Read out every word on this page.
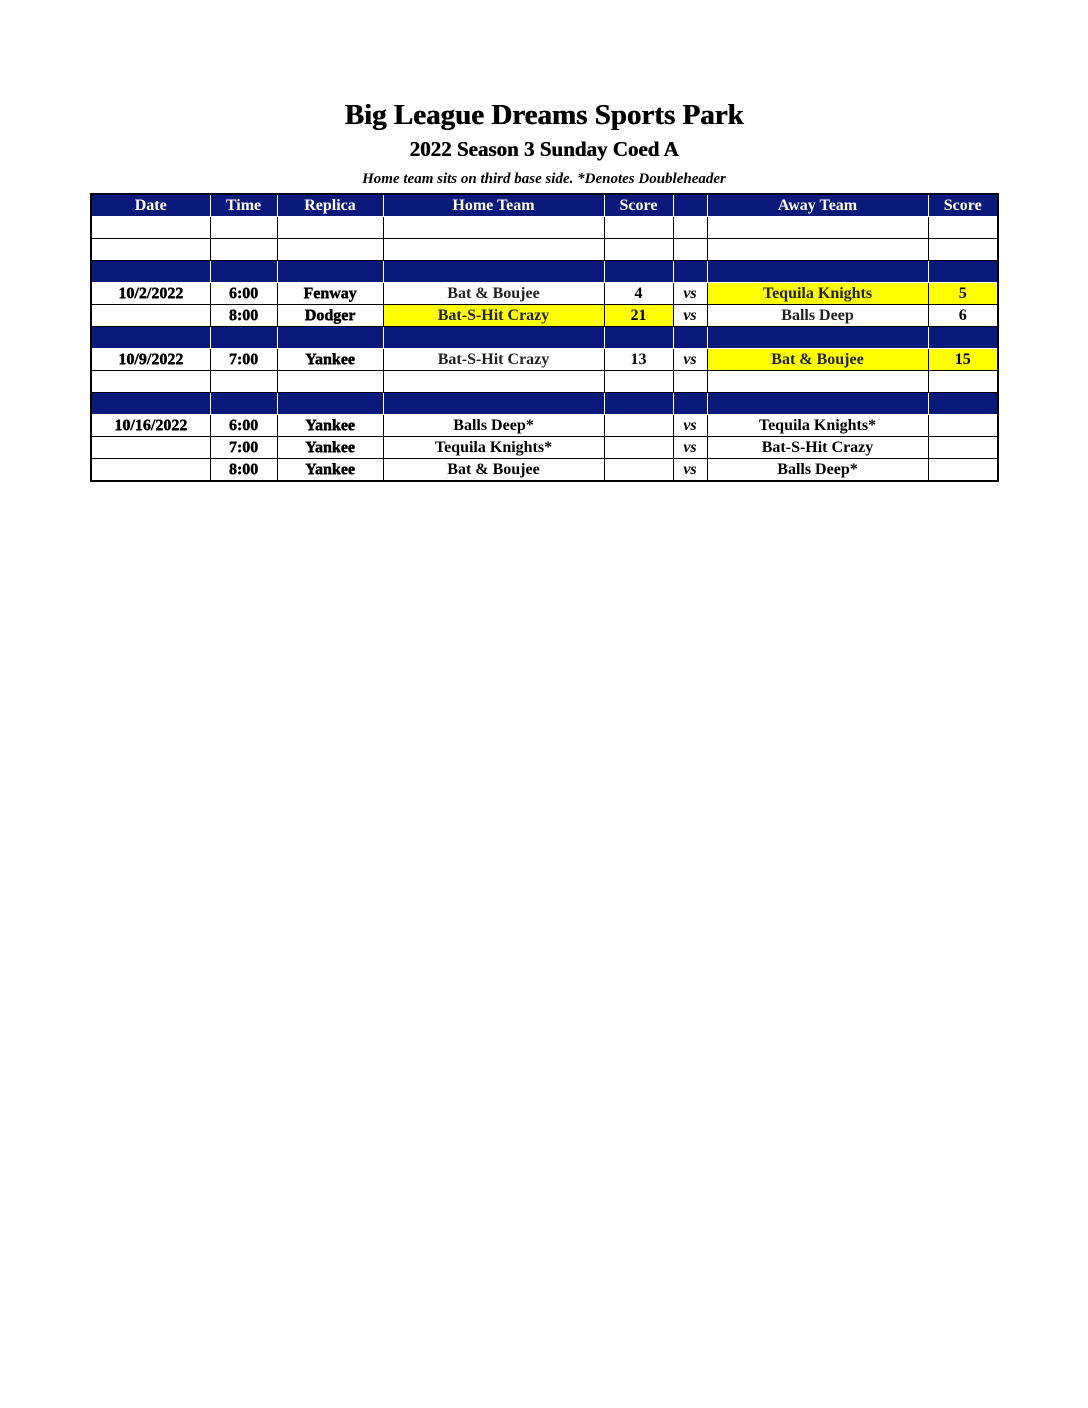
Big League Dreams Sports Park
2022 Season 3 Sunday Coed A
Home team sits on third base side. *Denotes Doubleheader
Date	Time	Replica	Home Team	Score		Away Team	Score

10/2/2022	6:00	Fenway	Bat & Boujee	4	vs	Tequila Knights	5
	8:00	Dodger	Bat-S-Hit Crazy	21	vs	Balls Deep	6

10/9/2022	7:00	Yankee	Bat-S-Hit Crazy	13	vs	Bat & Boujee	15

10/16/2022	6:00	Yankee	Balls Deep*		vs	Tequila Knights*	
	7:00	Yankee	Tequila Knights*		vs	Bat-S-Hit Crazy	
	8:00	Yankee	Bat & Boujee		vs	Balls Deep*	
